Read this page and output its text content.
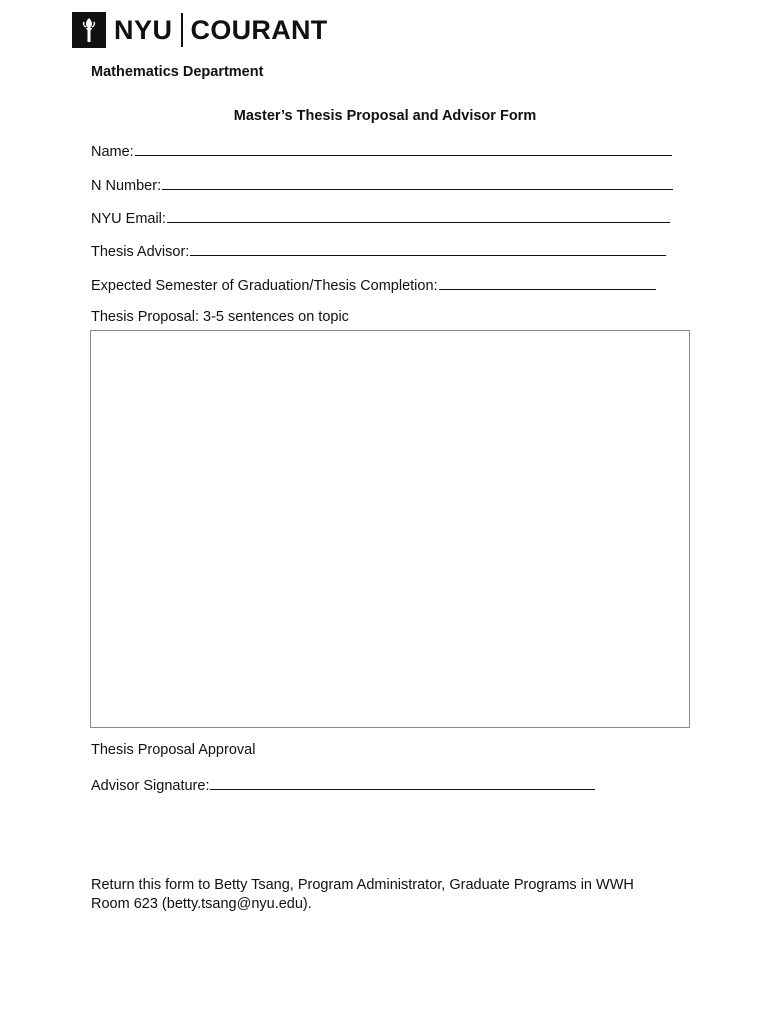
NYU COURANT
Mathematics Department
Master’s Thesis Proposal and Advisor Form
Name:
N Number:
NYU Email:
Thesis Advisor:
Expected Semester of Graduation/Thesis Completion:
Thesis Proposal: 3-5 sentences on topic
Thesis Proposal Approval
Advisor Signature:
Return this form to Betty Tsang, Program Administrator, Graduate Programs in WWH
Room 623 (betty.tsang@nyu.edu).
